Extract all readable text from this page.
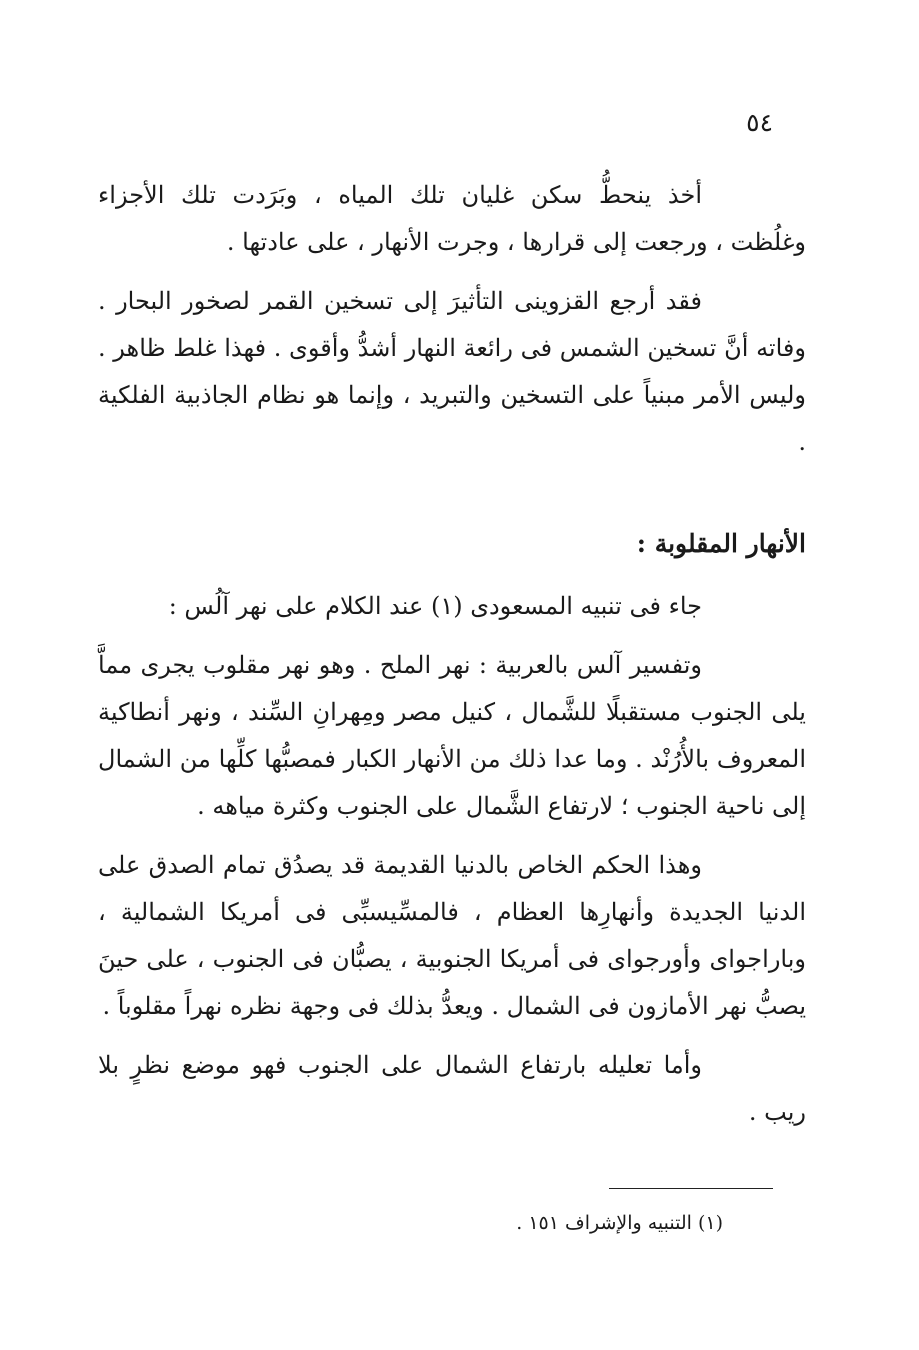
٥٤

أخذ ينحطُّ سكن غليان تلك المياه ، وبَرَدت تلك الأجزاء وغلُظت ، ورجعت إلى قرارها ، وجرت الأنهار ، على عادتها .

فقد أرجع القزوينى التأثيرَ إلى تسخين القمر لصخور البحار . وفاته أنَّ تسخين الشمس فى رائعة النهار أشدُّ وأقوى . فهذا غلط ظاهر . وليس الأمر مبنياً على التسخين والتبريد ، وإنما هو نظام الجاذبية الفلكية .

الأنهار المقلوبة :

جاء فى تنبيه المسعودى (١) عند الكلام على نهر آلُس :

وتفسير آلس بالعربية : نهر الملح . وهو نهر مقلوب يجرى مماَّ يلى الجنوب مستقبلًا للشَّمال ، كنيل مصر ومِهرانِ السِّند ، ونهر أنطاكية المعروف بالأُرُنْد . وما عدا ذلك من الأنهار الكبار فمصبُّها كلِّها من الشمال إلى ناحية الجنوب ؛ لارتفاع الشَّمال على الجنوب وكثرة مياهه .

وهذا الحكم الخاص بالدنيا القديمة قد يصدُق تمام الصدق على الدنيا الجديدة وأنهارِها العظام ، فالمسِّيسبِّى فى أمريكا الشمالية ، وباراجواى وأورجواى فى أمريكا الجنوبية ، يصبُّان فى الجنوب ، على حينَ يصبُّ نهر الأمازون فى الشمال . ويعدُّ بذلك فى وجهة نظره نهراً مقلوباً .

وأما تعليله بارتفاع الشمال على الجنوب فهو موضع نظرٍ بلا ريب .

(١) التنبيه والإشراف ١٥١ .
